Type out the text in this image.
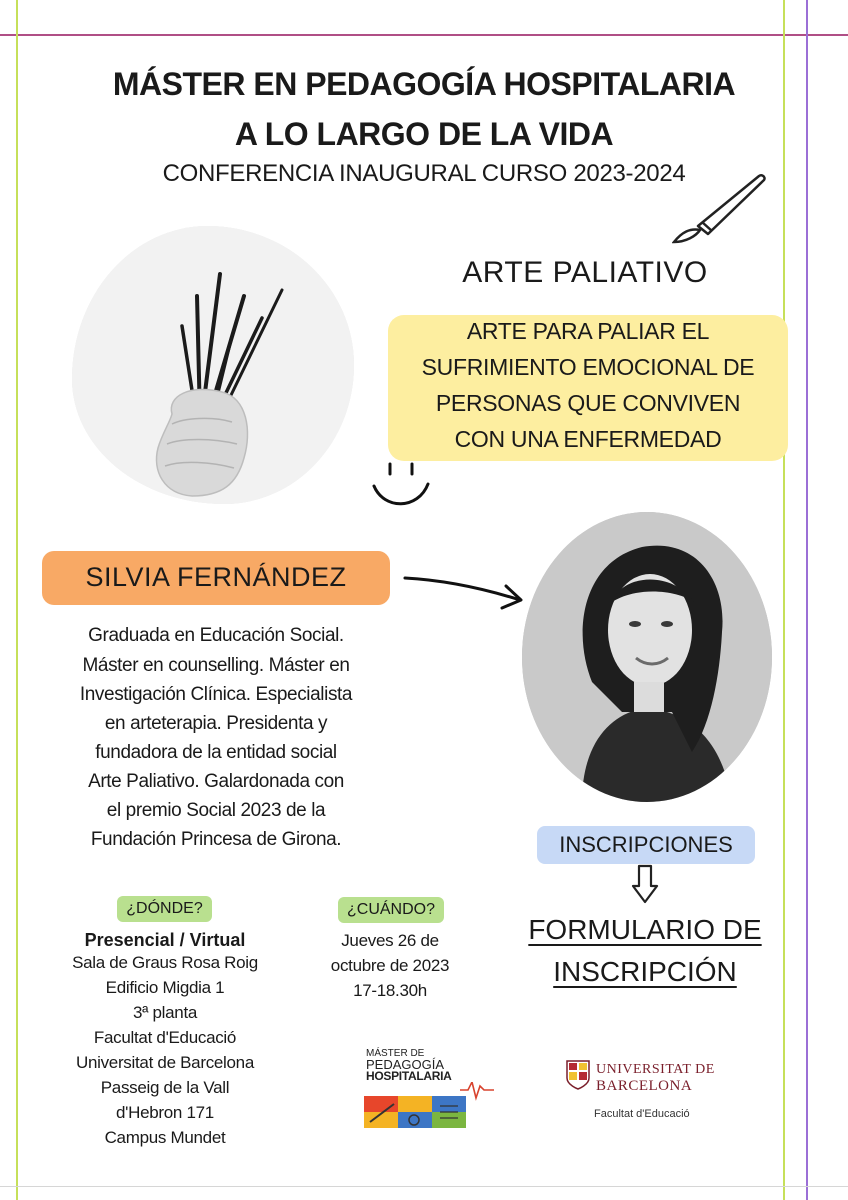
MÁSTER EN PEDAGOGÍA HOSPITALARIA
A LO LARGO DE LA VIDA
CONFERENCIA INAUGURAL CURSO 2023-2024
ARTE PALIATIVO
ARTE PARA PALIAR EL
SUFRIMIENTO EMOCIONAL DE
PERSONAS QUE CONVIVEN
CON UNA ENFERMEDAD
SILVIA FERNÁNDEZ
Graduada en Educación Social.
Máster en counselling. Máster en
Investigación Clínica. Especialista
en arteterapia. Presidenta y
fundadora de la entidad social
Arte Paliativo. Galardonada con
el premio Social 2023 de la
Fundación Princesa de Girona.	INSCRIPCIONES
FORMULARIO DE
INSCRIPCIÓN
¿DÓNDE?
Presencial / Virtual
Sala de Graus Rosa Roig
Edificio Migdia 1
3ª planta
Facultat d'Educació
Universitat de Barcelona
Passeig de la Vall
d'Hebron 171
Campus Mundet
¿CUÁNDO?
Jueves 26 de
octubre de 2023
17-18.30h
MÁSTER DE
PEDAGOGÍA
HOSPITALARIA	UNIVERSITAT DE
BARCELONA
Facultat d'Educació
